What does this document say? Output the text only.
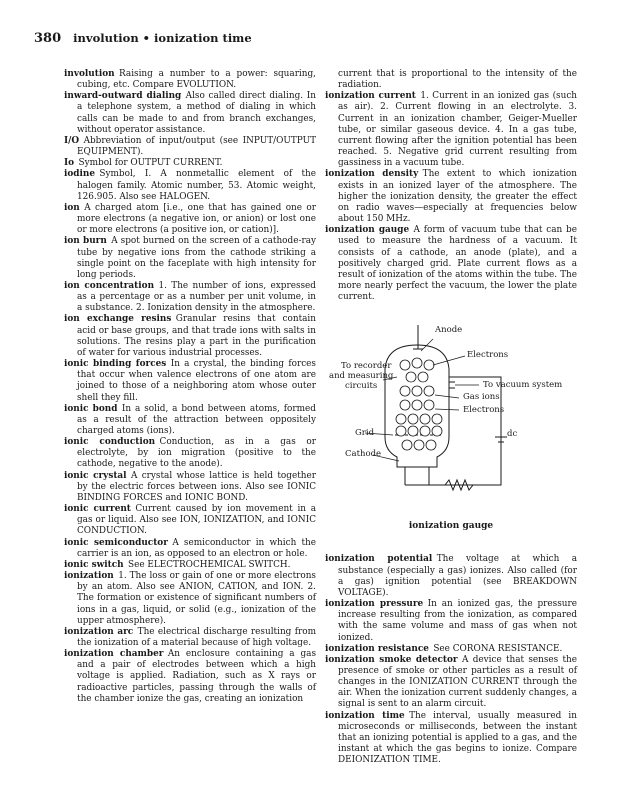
380 involution • ionization time

involution  Raising a number to a power: squaring, cubing, etc. Compare EVOLUTION.

inward-outward dialing  Also called direct dialing. In a telephone system, a method of dialing in which calls can be made to and from branch exchanges, without operator assistance.

I/O  Abbreviation of input/output (see INPUT/OUTPUT EQUIPMENT).

Io  Symbol for OUTPUT CURRENT.

iodine  Symbol, I. A nonmetallic element of the halogen family. Atomic number, 53. Atomic weight, 126.905. Also see HALOGEN.

ion  A charged atom [i.e., one that has gained one or more electrons (a negative ion, or anion) or lost one or more electrons (a positive ion, or cation)].

ion burn  A spot burned on the screen of a cathode-ray tube by negative ions from the cathode striking a single point on the faceplate with high intensity for long periods.

ion concentration  1. The number of ions, expressed as a percentage or as a number per unit volume, in a substance. 2. Ionization density in the atmosphere.

ion exchange resins  Granular resins that contain acid or base groups, and that trade ions with salts in solutions. The resins play a part in the purification of water for various industrial processes.

ionic binding forces  In a crystal, the binding forces that occur when valence electrons of one atom are joined to those of a neighboring atom whose outer shell they fill.

ionic bond  In a solid, a bond between atoms, formed as a result of the attraction between oppositely charged atoms (ions).

ionic conduction  Conduction, as in a gas or electrolyte, by ion migration (positive to the cathode, negative to the anode).

ionic crystal  A crystal whose lattice is held together by the electric forces between ions. Also see IONIC BINDING FORCES and IONIC BOND.

ionic current  Current caused by ion movement in a gas or liquid. Also see ION, IONIZATION, and IONIC CONDUCTION.

ionic semiconductor  A semiconductor in which the carrier is an ion, as opposed to an electron or hole.

ionic switch  See ELECTROCHEMICAL SWITCH.

ionization  1. The loss or gain of one or more electrons by an atom. Also see ANION, CATION, and ION. 2. The formation or existence of significant numbers of ions in a gas, liquid, or solid (e.g., ionization of the upper atmosphere).

ionization arc  The electrical discharge resulting from the ionization of a material because of high voltage.

ionization chamber  An enclosure containing a gas and a pair of electrodes between which a high voltage is applied. Radiation, such as X rays or radioactive particles, passing through the walls of the chamber ionize the gas, creating an ionization

current that is proportional to the intensity of the radiation.

ionization current  1. Current in an ionized gas (such as air). 2. Current flowing in an electrolyte. 3. Current in an ionization chamber, Geiger-Mueller tube, or similar gaseous device. 4. In a gas tube, current flowing after the ignition potential has been reached. 5. Negative grid current resulting from gassiness in a vacuum tube.

ionization density  The extent to which ionization exists in an ionized layer of the atmosphere. The higher the ionization density, the greater the effect on radio waves—especially at frequencies below about 150 MHz.

ionization gauge  A form of vacuum tube that can be used to measure the hardness of a vacuum. It consists of a cathode, an anode (plate), and a positively charged grid. Plate current flows as a result of ionization of the atoms within the tube. The more nearly perfect the vacuum, the lower the plate current.

Anode
Electrons
To recorder
and measuring
circuits	To vacuum system
Gas ions
Electrons
Grid
Cathode
dc

ionization gauge

ionization potential  The voltage at which a substance (especially a gas) ionizes. Also called (for a gas) ignition potential (see BREAKDOWN VOLTAGE).

ionization pressure  In an ionized gas, the pressure increase resulting from the ionization, as compared with the same volume and mass of gas when not ionized.

ionization resistance  See CORONA RESISTANCE.

ionization smoke detector  A device that senses the presence of smoke or other particles as a result of changes in the IONIZATION CURRENT through the air. When the ionization current suddenly changes, a signal is sent to an alarm circuit.

ionization time  The interval, usually measured in microseconds or milliseconds, between the instant that an ionizing potential is applied to a gas, and the instant at which the gas begins to ionize. Compare DEIONIZATION TIME.
